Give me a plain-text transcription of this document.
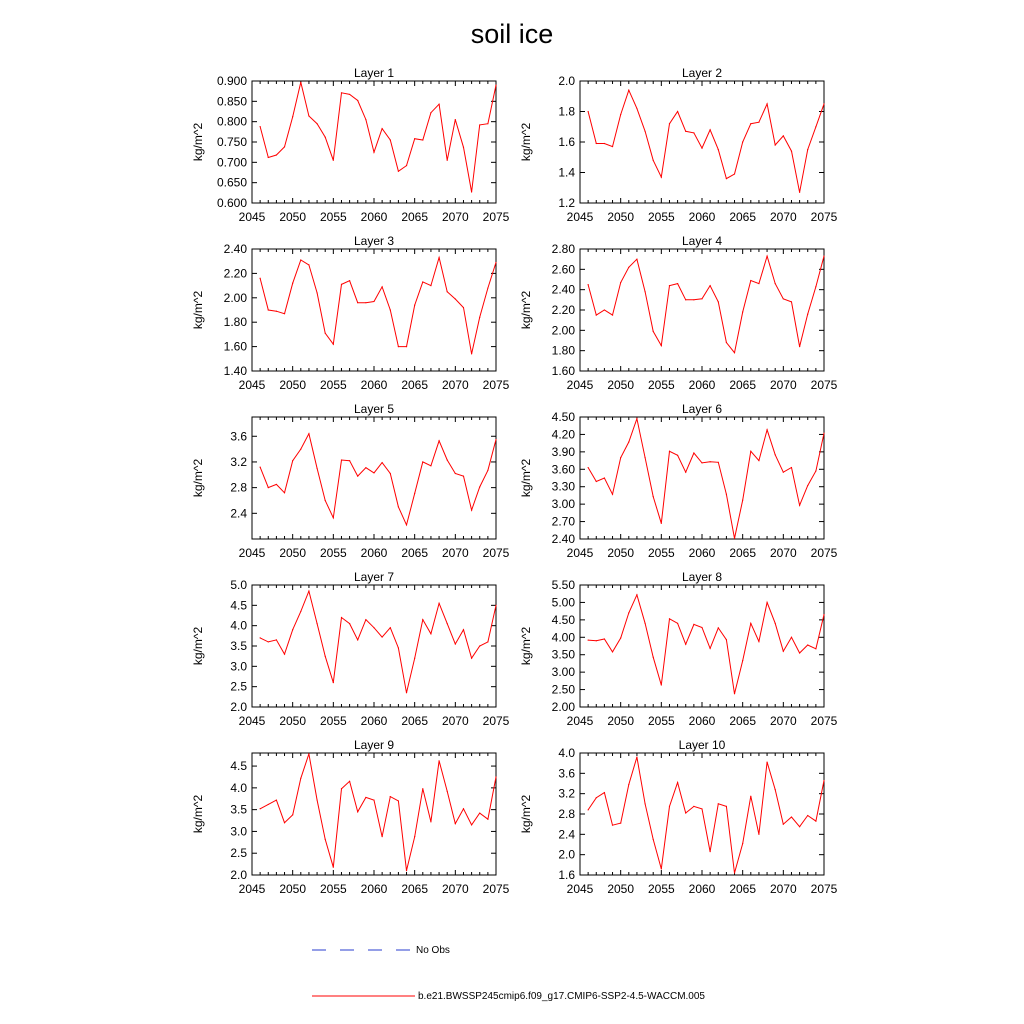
soil ice
Layer 1
kg/m^2
2045 2050 2055 2060 2065 2070 2075
0.600
0.650
0.700
0.750
0.800
0.850
0.900
Layer 2
kg/m^2
2045 2050 2055 2060 2065 2070 2075
1.2
1.4
1.6
1.8
2.0
Layer 3
kg/m^2
2045 2050 2055 2060 2065 2070 2075
1.40
1.60
1.80
2.00
2.20
2.40
Layer 4
kg/m^2
2045 2050 2055 2060 2065 2070 2075
1.60
1.80
2.00
2.20
2.40
2.60
2.80
Layer 5
kg/m^2
2045 2050 2055 2060 2065 2070 2075
2.4
2.8
3.2
3.6
Layer 6
kg/m^2
2045 2050 2055 2060 2065 2070 2075
2.40
2.70
3.00
3.30
3.60
3.90
4.20
4.50
Layer 7
kg/m^2
2045 2050 2055 2060 2065 2070 2075
2.0
2.5
3.0
3.5
4.0
4.5
5.0
Layer 8
kg/m^2
2045 2050 2055 2060 2065 2070 2075
2.00
2.50
3.00
3.50
4.00
4.50
5.00
5.50
Layer 9
kg/m^2
2045 2050 2055 2060 2065 2070 2075
2.0
2.5
3.0
3.5
4.0
4.5
Layer 10
kg/m^2
2045 2050 2055 2060 2065 2070 2075
1.6
2.0
2.4
2.8
3.2
3.6
4.0
No Obs
b.e21.BWSSP245cmip6.f09_g17.CMIP6-SSP2-4.5-WACCM.005
